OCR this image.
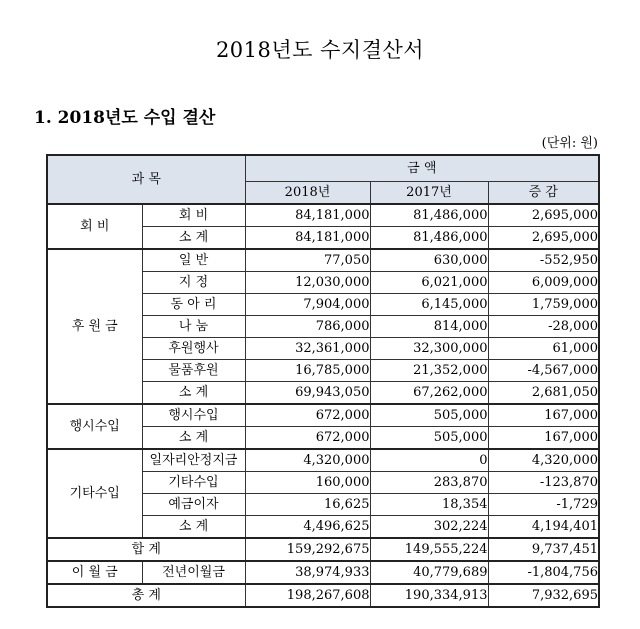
2018년도 수지결산서
1. 2018년도 수입 결산
(단위: 원)
과 목		금 액		
		2018년	2017년	증 감
회 비	회 비	84,181,000	81,486,000	2,695,000
	소 계	84,181,000	81,486,000	2,695,000
후 원 금	일 반	77,050	630,000	-552,950
	지 정	12,030,000	6,021,000	6,009,000
	동 아 리	7,904,000	6,145,000	1,759,000
	나 눔	786,000	814,000	-28,000
	후원행사	32,361,000	32,300,000	61,000
	물품후원	16,785,000	21,352,000	-4,567,000
	소 계	69,943,050	67,262,000	2,681,050
행시수입	행시수입	672,000	505,000	167,000
	소 계	672,000	505,000	167,000
기타수입	일자리안정지금	4,320,000	0	4,320,000
	기타수입	160,000	283,870	-123,870
	예금이자	16,625	18,354	-1,729
	소 계	4,496,625	302,224	4,194,401
합 계		159,292,675	149,555,224	9,737,451
이 월 금	전년이월금	38,974,933	40,779,689	-1,804,756
총 계		198,267,608	190,334,913	7,932,695
